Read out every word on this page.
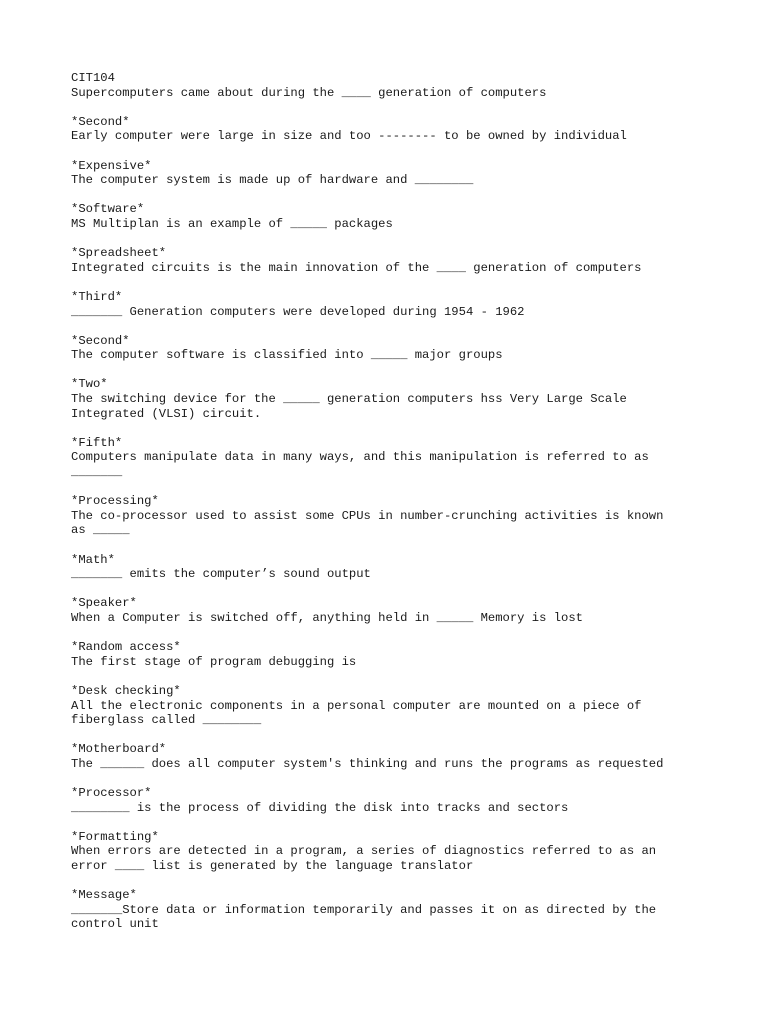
CIT104
Supercomputers came about during the ____ generation of computers
*Second*
Early computer were large in size and too -------- to be owned by individual
*Expensive*
The computer system is made up of hardware and ________
*Software*
MS Multiplan is an example of _____ packages
*Spreadsheet*
Integrated circuits is the main innovation of the ____ generation of computers
*Third*
_______ Generation computers were developed during 1954 - 1962
*Second*
The computer software is classified into _____ major groups
*Two*
The switching device for the _____ generation computers hss Very Large Scale
Integrated (VLSI) circuit.
*Fifth*
Computers manipulate data in many ways, and this manipulation is referred to as
_______
*Processing*
The co-processor used to assist some CPUs in number-crunching activities is known
as _____
*Math*
_______ emits the computer’s sound output
*Speaker*
When a Computer is switched off, anything held in _____ Memory is lost
*Random access*
The first stage of program debugging is
*Desk checking*
All the electronic components in a personal computer are mounted on a piece of
fiberglass called ________
*Motherboard*
The ______ does all computer system's thinking and runs the programs as requested
*Processor*
________ is the process of dividing the disk into tracks and sectors
*Formatting*
When errors are detected in a program, a series of diagnostics referred to as an
error ____ list is generated by the language translator
*Message*
_______Store data or information temporarily and passes it on as directed by the
control unit
